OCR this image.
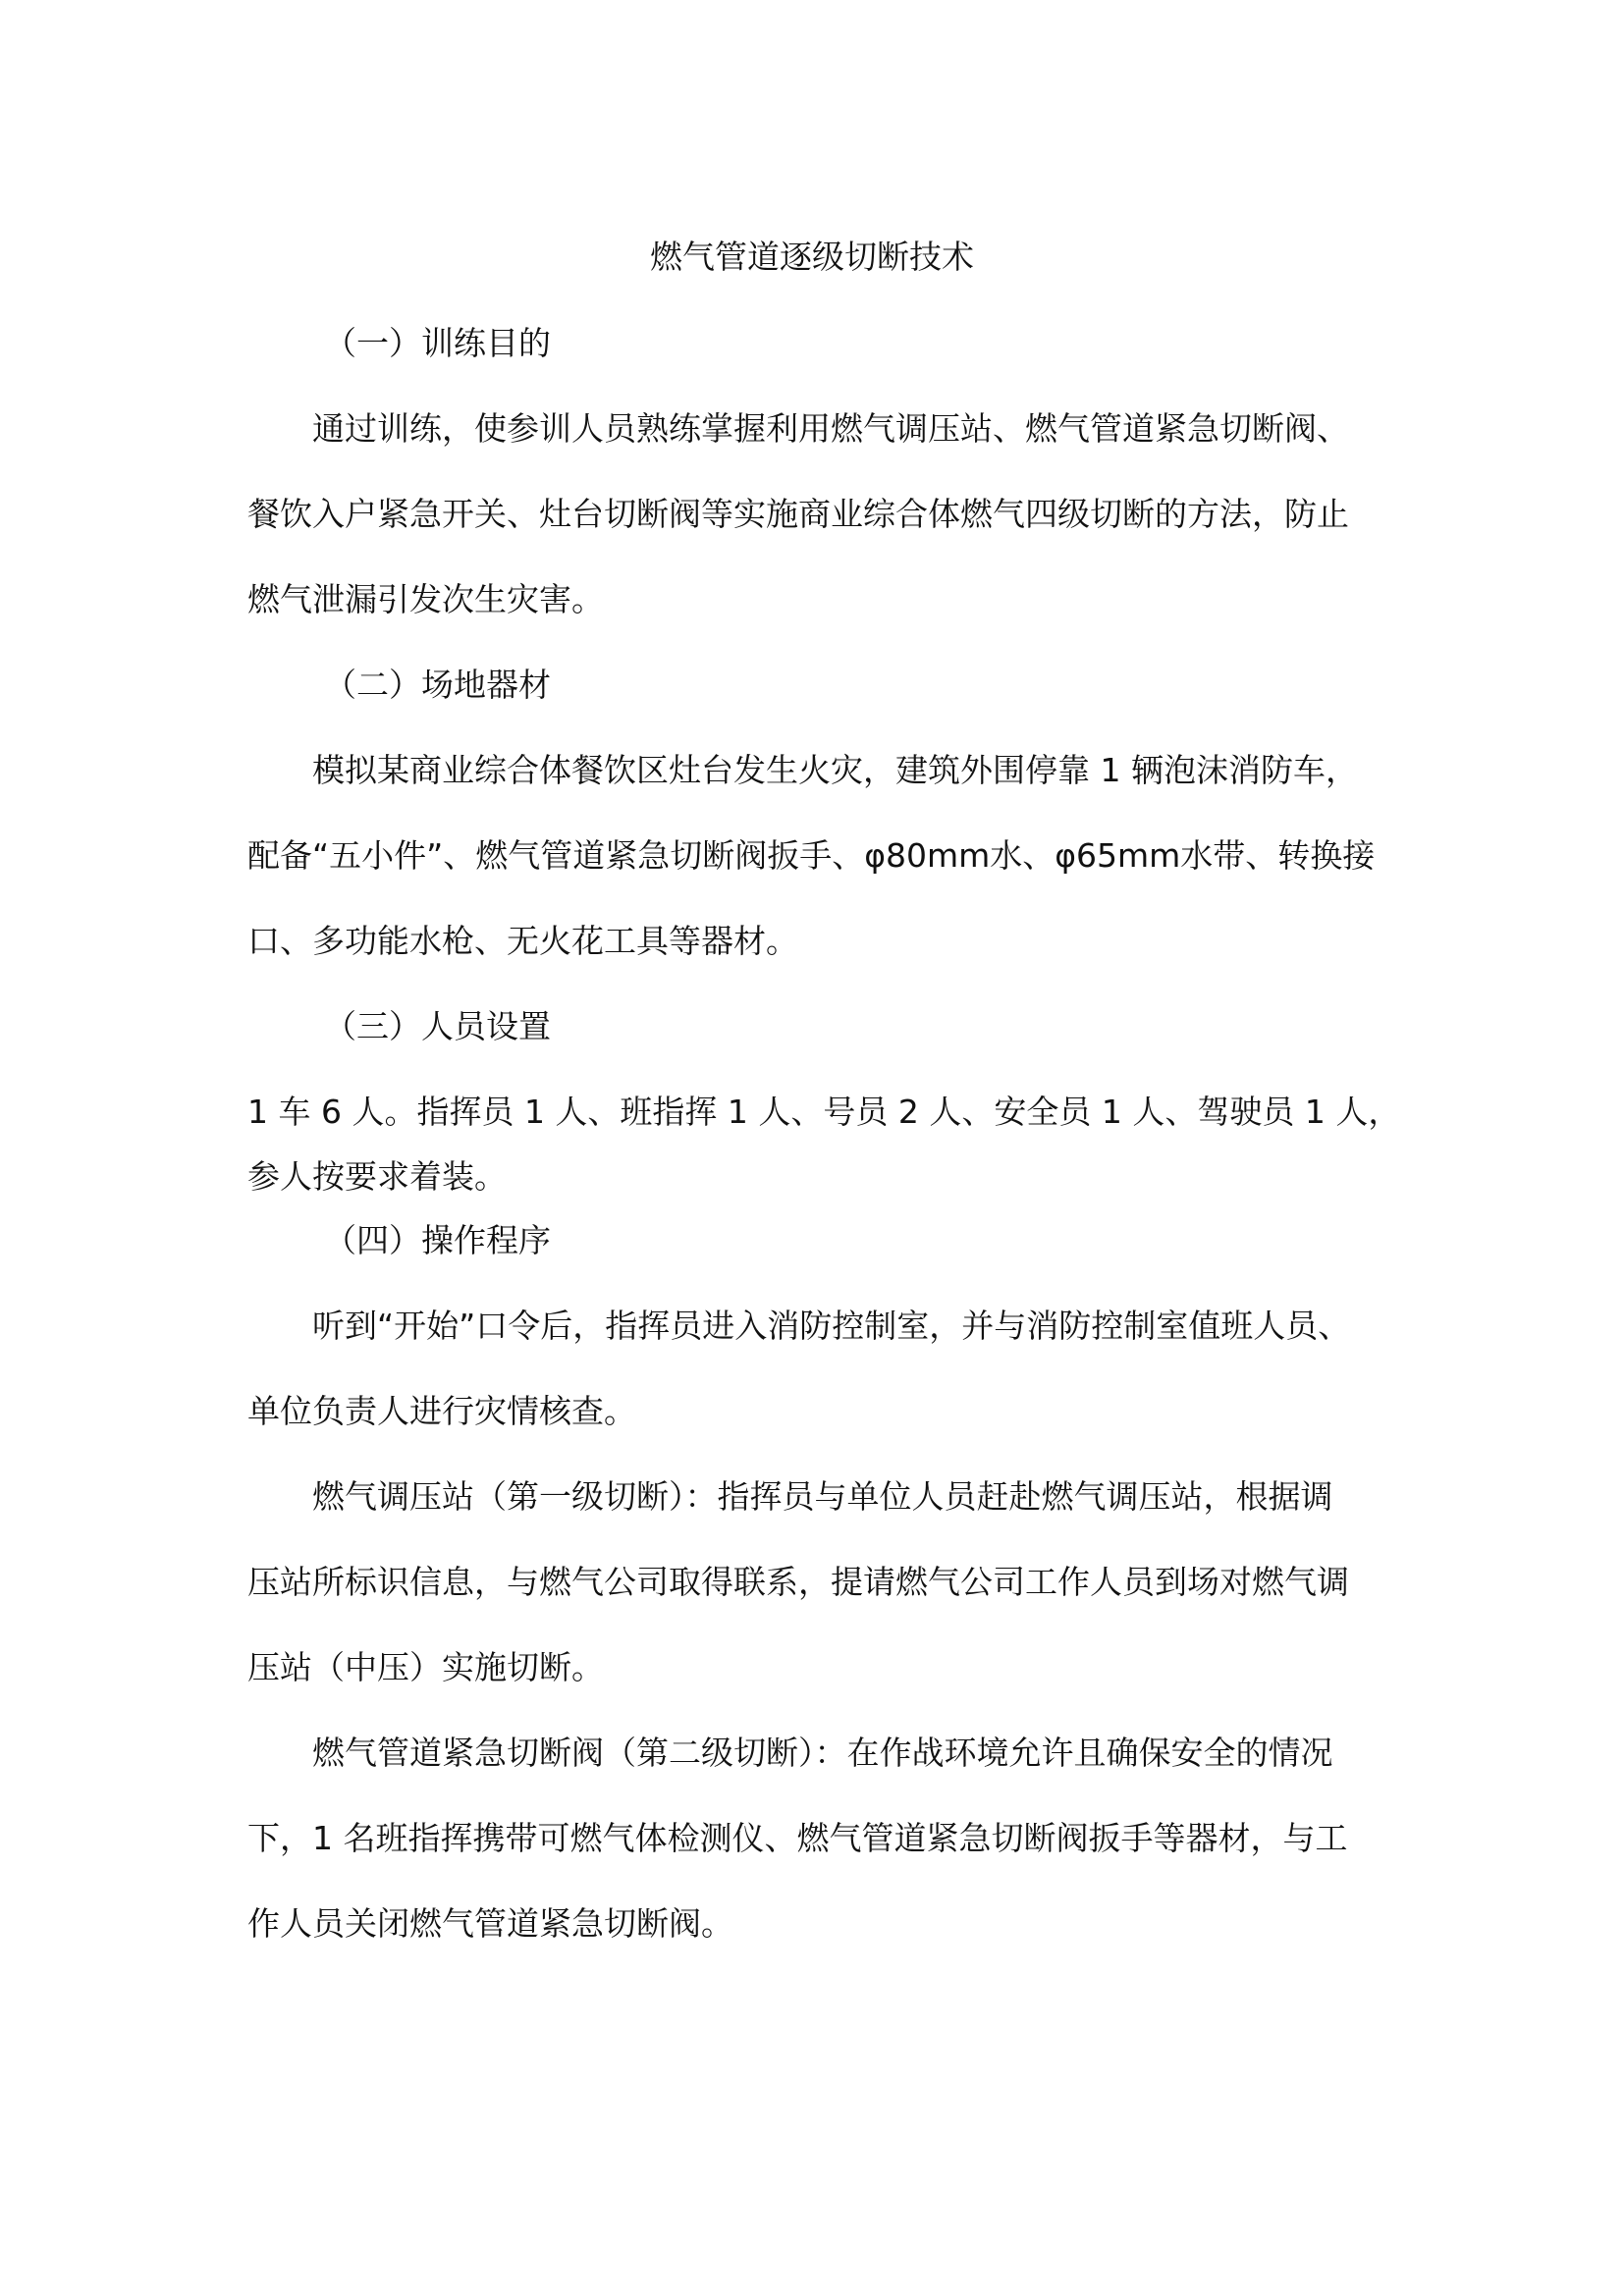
燃气管道逐级切断技术

（一）训练目的

通过训练，使参训人员熟练掌握利用燃气调压站、燃气管道紧急切断阀、

餐饮入户紧急开关、灶台切断阀等实施商业综合体燃气四级切断的方法，防止

燃气泄漏引发次生灾害。

（二）场地器材

模拟某商业综合体餐饮区灶台发生火灾，建筑外围停靠 1 辆泡沫消防车，

配备“五小件”、燃气管道紧急切断阀扳手、φ80mm水、φ65mm水带、转换接

口、多功能水枪、无火花工具等器材。

（三）人员设置

1 车 6 人。指挥员 1 人、班指挥 1 人、号员 2 人、安全员 1 人、驾驶员 1 人，

参人按要求着装。

（四）操作程序

听到“开始”口令后，指挥员进入消防控制室，并与消防控制室值班人员、

单位负责人进行灾情核查。

燃气调压站（第一级切断）：指挥员与单位人员赶赴燃气调压站，根据调

压站所标识信息，与燃气公司取得联系，提请燃气公司工作人员到场对燃气调

压站（中压）实施切断。

燃气管道紧急切断阀（第二级切断）：在作战环境允许且确保安全的情况

下，1 名班指挥携带可燃气体检测仪、燃气管道紧急切断阀扳手等器材，与工

作人员关闭燃气管道紧急切断阀。
